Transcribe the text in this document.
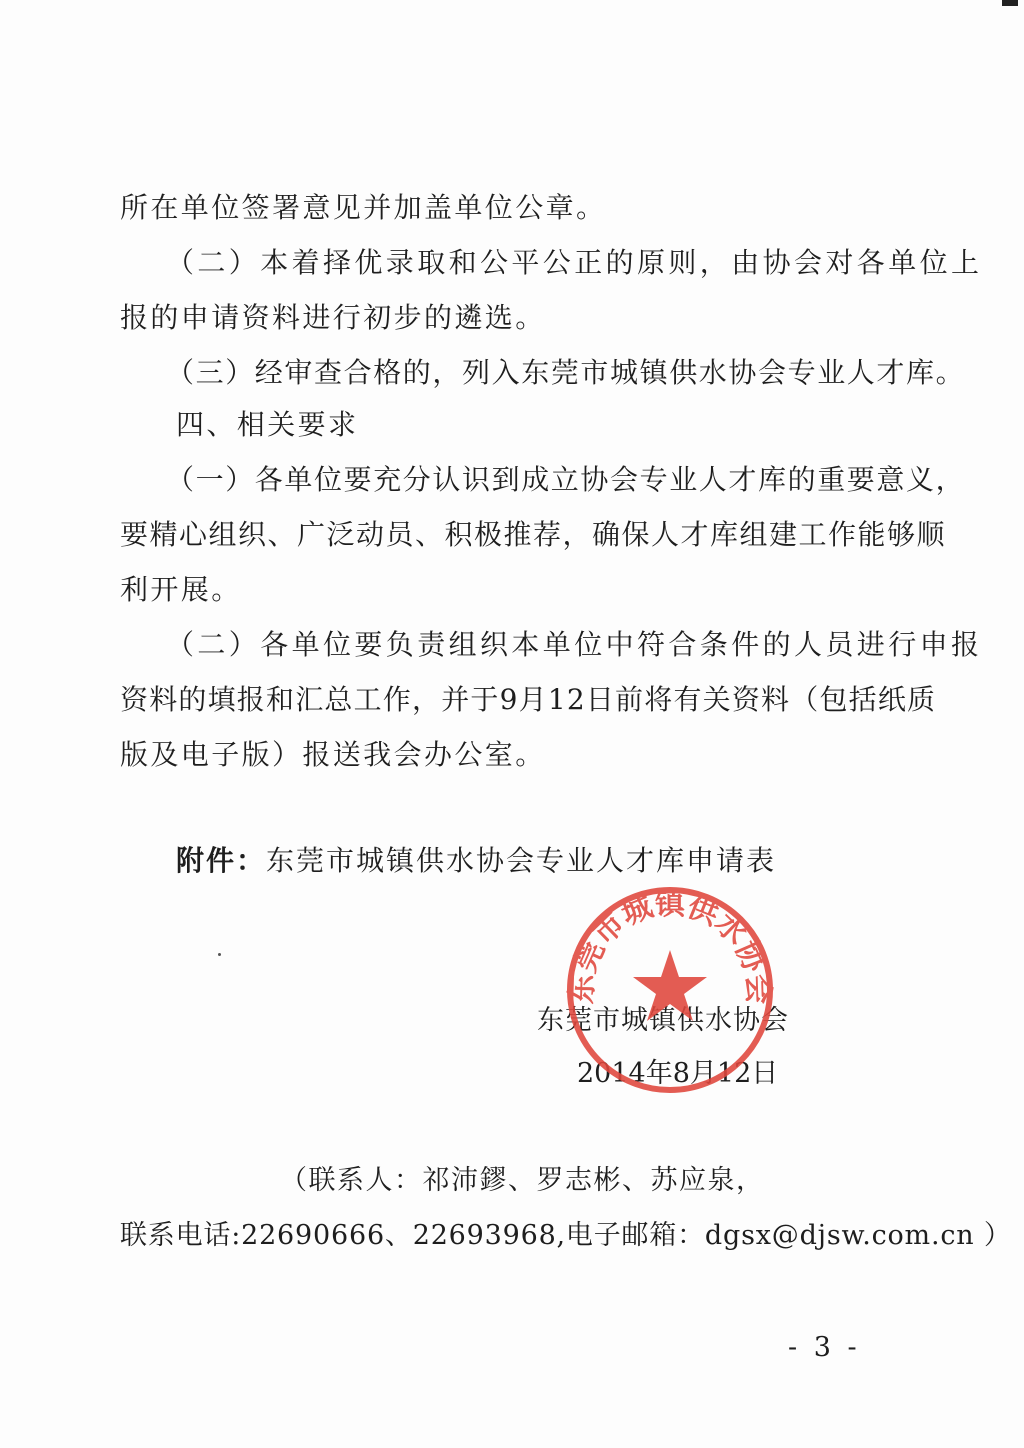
所在单位签署意见并加盖单位公章。
（二）本着择优录取和公平公正的原则，由协会对各单位上
报的申请资料进行初步的遴选。
（三）经审查合格的，列入东莞市城镇供水协会专业人才库。
四、相关要求
（一）各单位要充分认识到成立协会专业人才库的重要意义，
要精心组织、广泛动员、积极推荐，确保人才库组建工作能够顺
利开展。
（二）各单位要负责组织本单位中符合条件的人员进行申报
资料的填报和汇总工作，并于9月12日前将有关资料（包括纸质
版及电子版）报送我会办公室。
附件：东莞市城镇供水协会专业人才库申请表
东莞市城镇供水协会
2014年8月12日
东莞市城镇供水协会
（联系人：祁沛鏐、罗志彬、苏应泉，
联系电话:22690666、22693968,电子邮箱：dgsx@djsw.com.cn ）
- 3 -
